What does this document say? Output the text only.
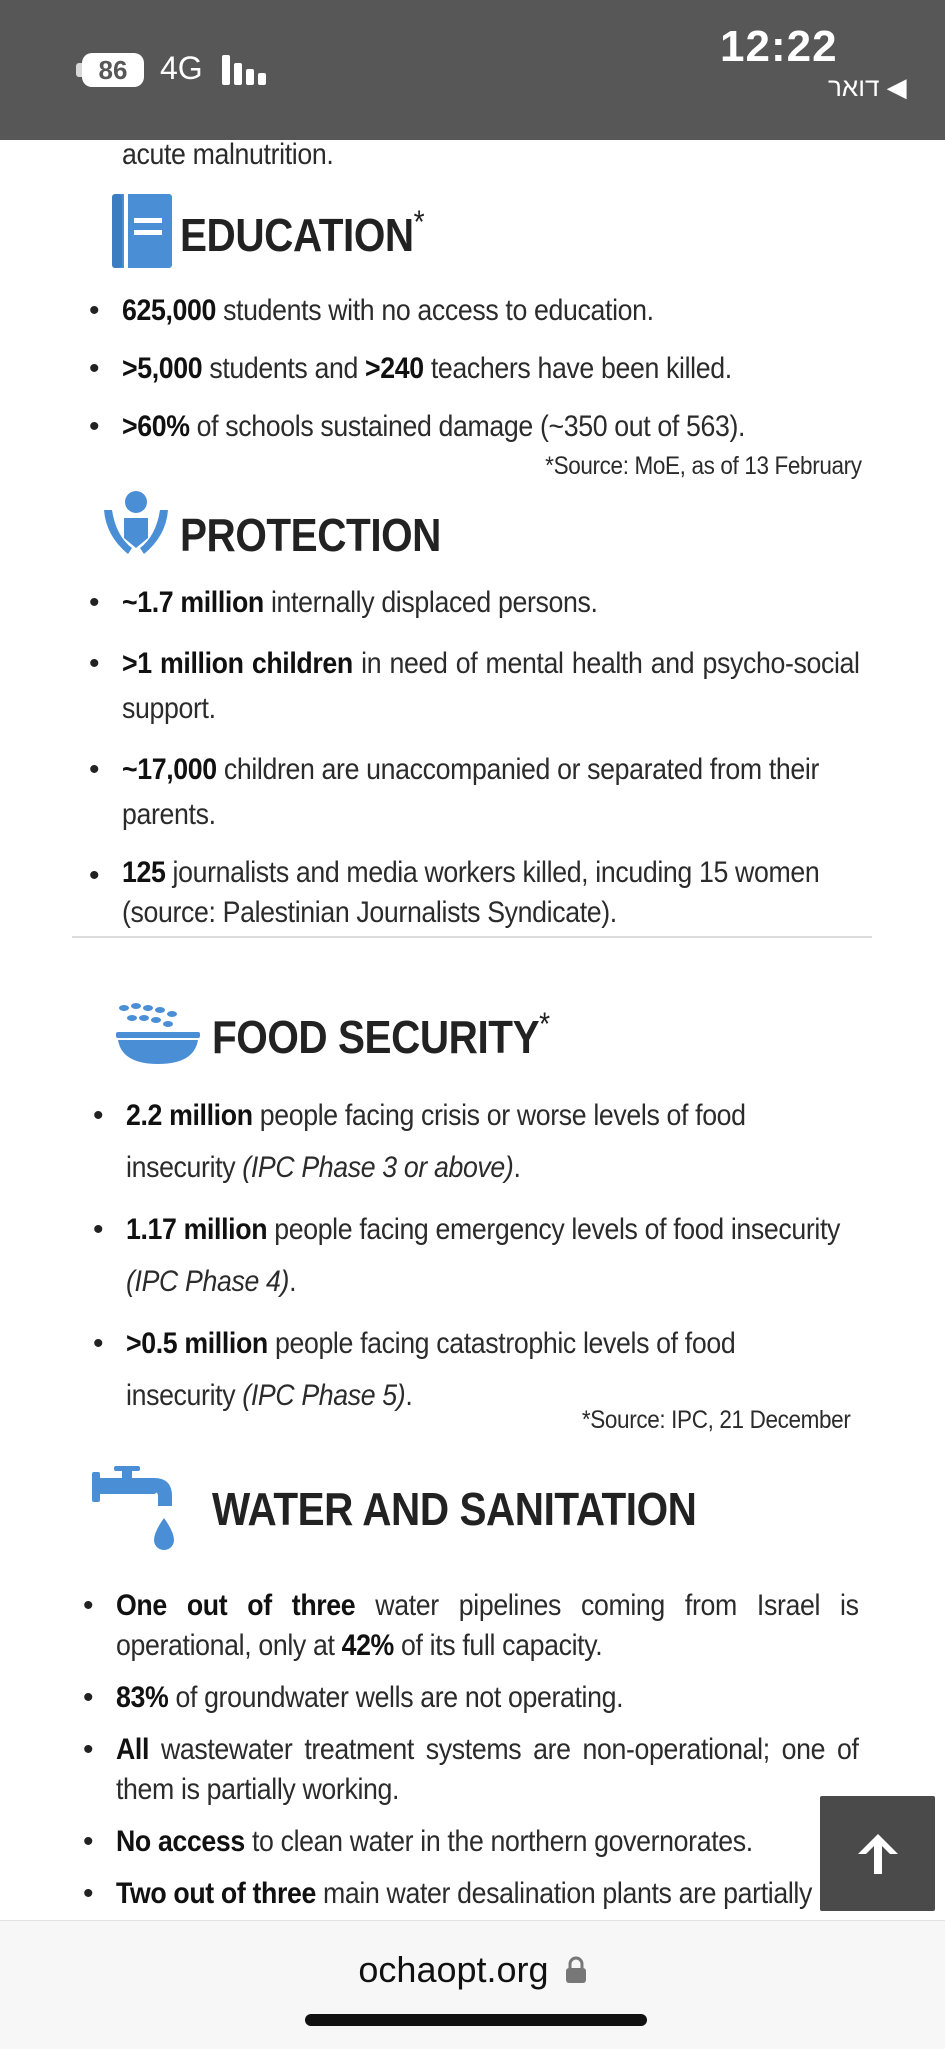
86	4G	12:22
◀ דואר
acute malnutrition.
EDUCATION*
• 625,000 students with no access to education.
• >5,000 students and >240 teachers have been killed.
• >60% of schools sustained damage (~350 out of 563).
*Source: MoE, as of 13 February
PROTECTION
• ~1.7 million internally displaced persons.
• >1 million children in need of mental health and psycho-social support.
• ~17,000 children are unaccompanied or separated from their parents.
• 125 journalists and media workers killed, incuding 15 women (source: Palestinian Journalists Syndicate).
FOOD SECURITY*
• 2.2 million people facing crisis or worse levels of food insecurity (IPC Phase 3 or above).
• 1.17 million people facing emergency levels of food insecurity (IPC Phase 4).
• >0.5 million people facing catastrophic levels of food insecurity (IPC Phase 5).
*Source: IPC, 21 December
WATER AND SANITATION
• One out of three water pipelines coming from Israel is operational, only at 42% of its full capacity.
• 83% of groundwater wells are not operating.
• All wastewater treatment systems are non-operational; one of them is partially working.
• No access to clean water in the northern governorates.
• Two out of three main water desalination plants are partially
ochaopt.org
